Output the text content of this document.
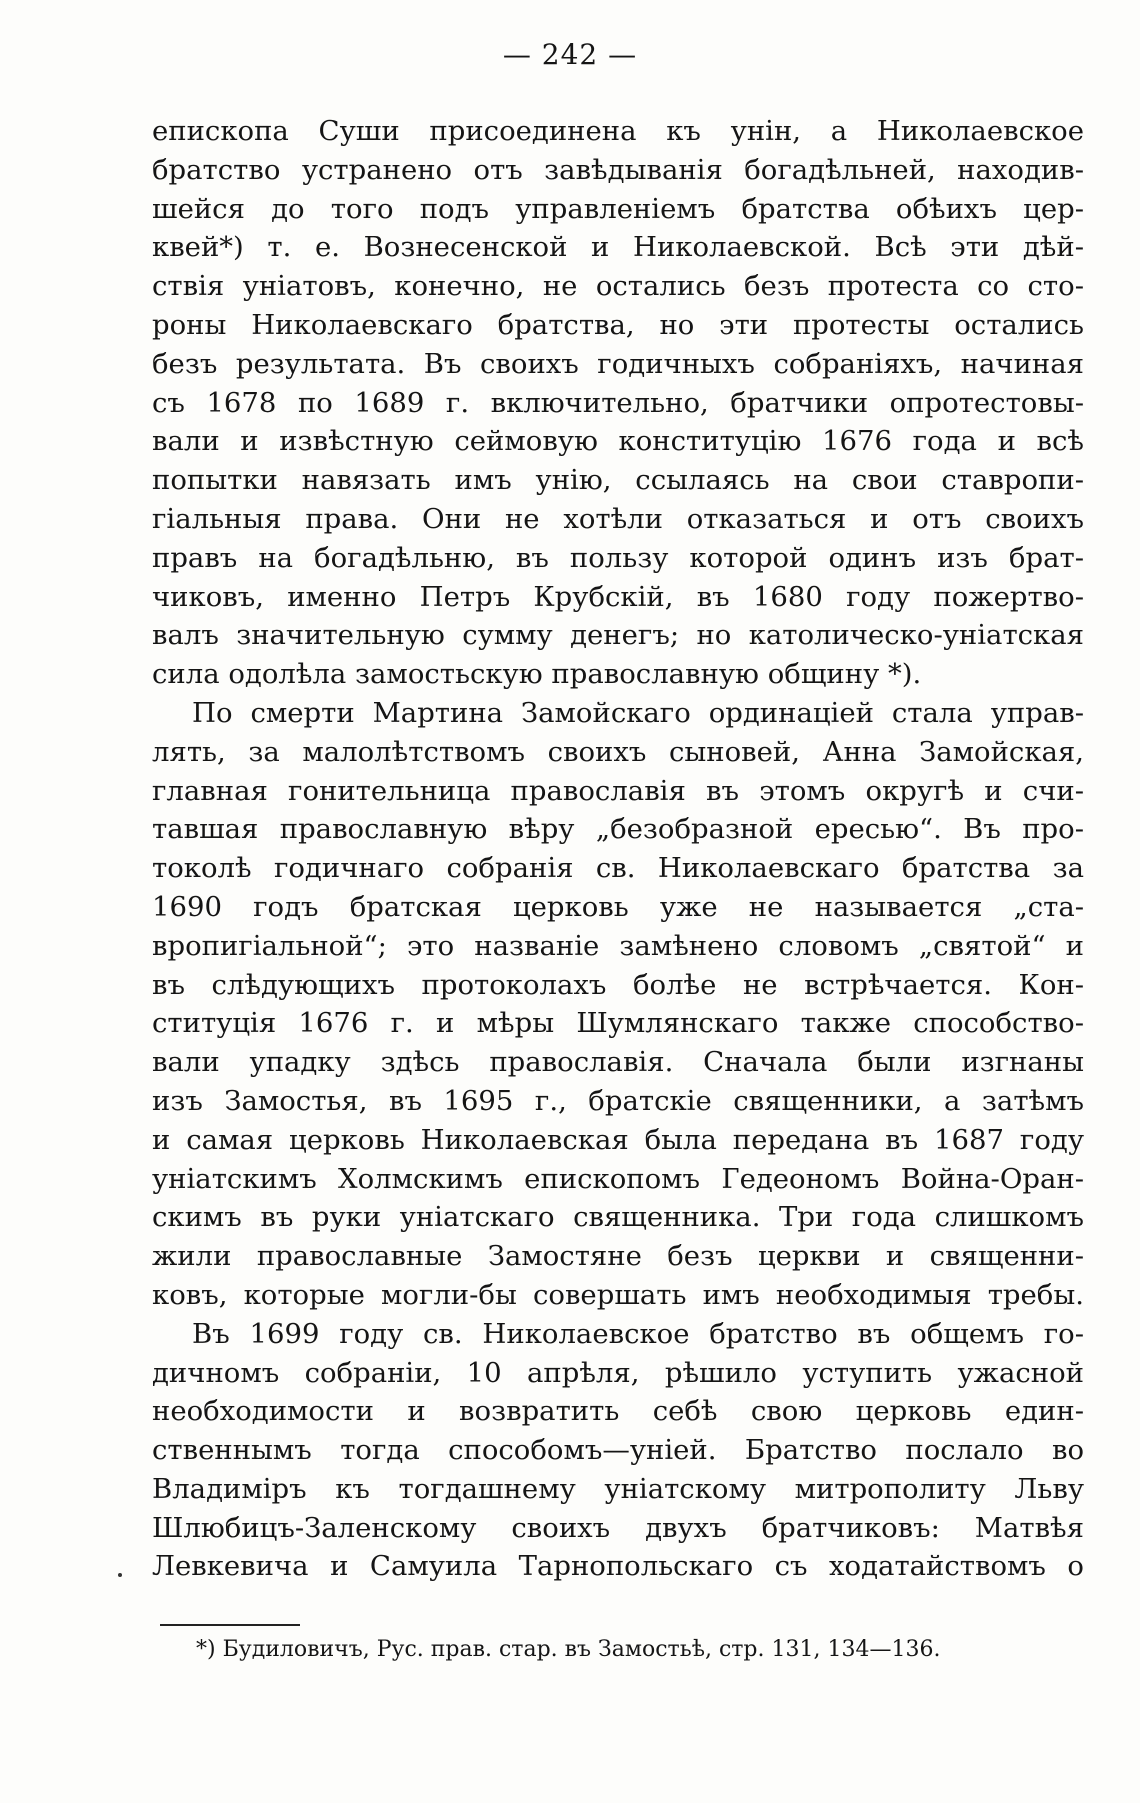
— 242 —
епископа Суши присоединена къ унін, а Николаевское
братство устранено отъ завѣдыванія богадѣльней, находив-
шейся до того подъ управленіемъ братства обѣихъ цер-
квей*) т. е. Вознесенской и Николаевской. Всѣ эти дѣй-
ствія уніатовъ, конечно, не остались безъ протеста со сто-
роны Николаевскаго братства, но эти протесты остались
безъ результата. Въ своихъ годичныхъ собраніяхъ, начиная
съ 1678 по 1689 г. включительно, братчики опротестовы-
вали и извѣстную сеймовую конституцію 1676 года и всѣ
попытки навязать имъ унію, ссылаясь на свои ставропи-
гіальныя права. Они не хотѣли отказаться и отъ своихъ
правъ на богадѣльню, въ пользу которой одинъ изъ брат-
чиковъ, именно Петръ Крубскій, въ 1680 году пожертво-
валъ значительную сумму денегъ; но католическо-уніатская
сила одолѣла замостьскую православную общину *).
По смерти Мартина Замойскаго ординаціей стала управ-
лять, за малолѣтствомъ своихъ сыновей, Анна Замойская,
главная гонительница православія въ этомъ округѣ и счи-
тавшая православную вѣру „безобразной ересью“. Въ про-
токолѣ годичнаго собранія св. Николаевскаго братства за
1690 годъ братская церковь уже не называется „ста-
вропигіальной“; это названіе замѣнено словомъ „святой“ и
въ слѣдующихъ протоколахъ болѣе не встрѣчается. Кон-
ституція 1676 г. и мѣры Шумлянскаго также способство-
вали упадку здѣсь православія. Сначала были изгнаны
изъ Замостья, въ 1695 г., братскіе священники, а затѣмъ
и самая церковь Николаевская была передана въ 1687 году
уніатскимъ Холмскимъ епископомъ Гедеономъ Война-Оран-
скимъ въ руки уніатскаго священника. Три года слишкомъ
жили православные Замостяне безъ церкви и священни-
ковъ, которые могли-бы совершать имъ необходимыя требы.
Въ 1699 году св. Николаевское братство въ общемъ го-
дичномъ собраніи, 10 апрѣля, рѣшило уступить ужасной
необходимости и возвратить себѣ свою церковь един-
ственнымъ тогда способомъ—уніей. Братство послало во
Владиміръ къ тогдашнему уніатскому митрополиту Льву
Шлюбицъ-Заленскому своихъ двухъ братчиковъ: Матвѣя
Левкевича и Самуила Тарнопольскаго съ ходатайствомъ о
*) Будиловичъ, Рус. прав. стар. въ Замостьѣ, стр. 131, 134—136.
